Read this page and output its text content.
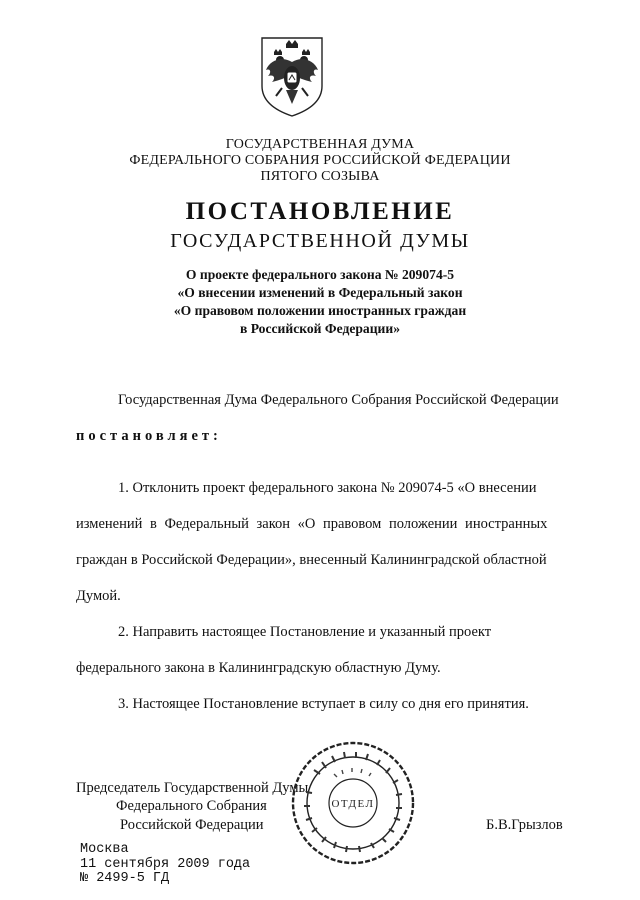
ГОСУДАРСТВЕННАЯ ДУМА
ФЕДЕРАЛЬНОГО СОБРАНИЯ РОССИЙСКОЙ ФЕДЕРАЦИИ
ПЯТОГО СОЗЫВА
ПОСТАНОВЛЕНИЕ
ГОСУДАРСТВЕННОЙ ДУМЫ
О проекте федерального закона № 209074-5
«О внесении изменений в Федеральный закон
«О правовом положении иностранных граждан
в Российской Федерации»
Государственная Дума Федерального Собрания Российской Федерации
постановляет:
1. Отклонить проект федерального закона № 209074-5 «О внесении
изменений в Федеральный закон «О правовом положении иностранных
граждан в Российской Федерации», внесенный Калининградской областной
Думой.
2. Направить настоящее Постановление и указанный проект
федерального закона в Калининградскую областную Думу.
3. Настоящее Постановление вступает в силу со дня его принятия.
Председатель Государственной Думы
Федерального Собрания
Российской Федерации	Б.В.Грызлов
ОТДЕЛ
Москва
11 сентября 2009 года
№ 2499-5 ГД
